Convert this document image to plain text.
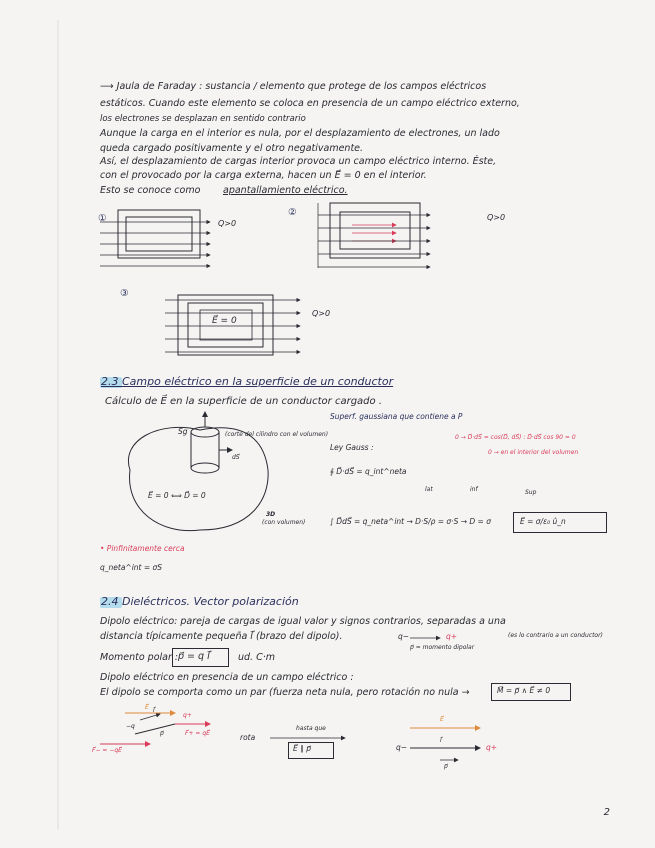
⟶ Jaula de Faraday : sustancia / elemento que protege de los campos eléctricos
estáticos. Cuando este elemento se coloca en presencia de un campo eléctrico externo,
los electrones se desplazan en sentido contrario
Aunque la carga en el interior es nula, por el desplazamiento de electrones, un lado
queda cargado positivamente y el otro negativamente.
Así, el desplazamiento de cargas interior provoca un campo eléctrico interno. Éste,
con el provocado por la carga externa, hacen un E⃗ = 0 en el interior.
Esto se conoce como apantallamiento eléctrico.
①	Q>0
②	Q>0
③
Q>0
E⃗ = 0
2.3 Campo eléctrico en la superficie de un conductor
Cálculo de E⃗ en la superficie de un conductor cargado .
Superf. gaussiana que contiene a P
Sg	(corte del cilindro con el volumen)
dS⃗
E⃗ = 0 ⟺ D⃗ = 0
3D
(con volumen)
Ley Gauss :
0 → D⃗·dS⃗ = cos(D⃗, dS⃗) : D⃗·dS⃗ cos 90 = 0
0 → en el interior del volumen
∮ D⃗·dS⃗ = q_int^neta
lat	inf	Sup
∫ D⃗dS⃗ = q_neta^int → D·S/ρ = σ·S → D = σ	E⃗ = σ/ε₀ û_n
• Pinfinitamente cerca
q_neta^int = σS
2.4 Dieléctricos. Vector polarización
Dipolo eléctrico: pareja de cargas de igual valor y signos contrarios, separadas a una
distancia típicamente pequeña l⃗ (brazo del dipolo).	q−	q+
p⃗ = momento dipolar
(es lo contrario a un conductor)
Momento polar : p⃗ = q l⃗	ud. C·m
Dipolo eléctrico en presencia de un campo eléctrico :
El dipolo se comporta como un par (fuerza neta nula, pero rotación no nula →	M⃗ = p⃗ ∧ E⃗ ≠ 0
E⃗
q+
−q
l⃗
p⃗	F⃗+ = qE⃗
F⃗− = −qE⃗
rota
hasta que
E⃗ ∥ p⃗
E⃗
l⃗
q−	q+
p⃗
2
